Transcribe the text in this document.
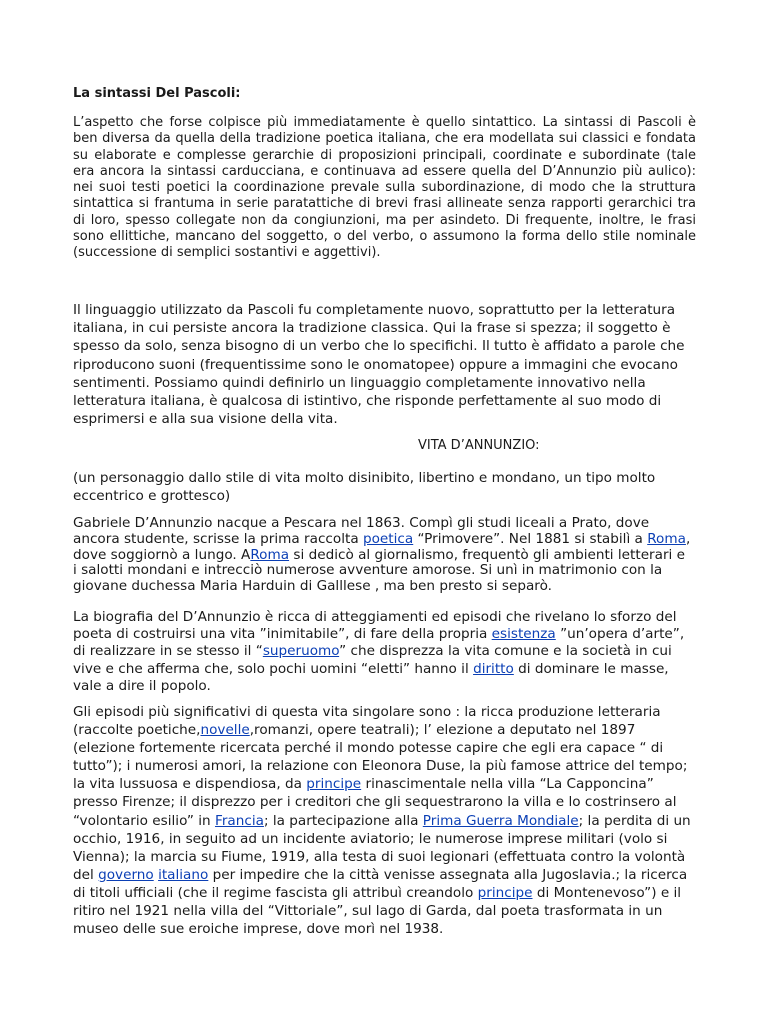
La sintassi Del Pascoli:

L’aspetto che forse colpisce più immediatamente è quello sintattico. La sintassi di Pascoli è ben diversa da quella della tradizione poetica italiana, che era modellata sui classici e fondata su elaborate e complesse gerarchie di proposizioni principali, coordinate e subordinate (tale era ancora la sintassi carducciana, e continuava ad essere quella del D’Annunzio più aulico): nei suoi testi poetici la coordinazione prevale sulla subordinazione, di modo che la struttura sintattica si frantuma in serie paratattiche di brevi frasi allineate senza rapporti gerarchici tra di loro, spesso collegate non da congiunzioni, ma per asindeto. Di frequente, inoltre, le frasi sono ellittiche, mancano del soggetto, o del verbo, o assumono la forma dello stile nominale (successione di semplici sostantivi e aggettivi).

Il linguaggio utilizzato da Pascoli fu completamente nuovo, soprattutto per la letteratura italiana, in cui persiste ancora la tradizione classica. Qui la frase si spezza; il soggetto è spesso da solo, senza bisogno di un verbo che lo specifichi. Il tutto è affidato a parole che riproducono suoni (frequentissime sono le onomatopee) oppure a immagini che evocano sentimenti. Possiamo quindi definirlo un linguaggio completamente innovativo nella letteratura italiana, è qualcosa di istintivo, che risponde perfettamente al suo modo di esprimersi e alla sua visione della vita.

VITA D’ANNUNZIO:

(un personaggio dallo stile di vita molto disinibito, libertino e mondano, un tipo molto eccentrico e grottesco)

Gabriele D’Annunzio nacque a Pescara nel 1863. Compì gli studi liceali a Prato, dove ancora studente, scrisse la prima raccolta poetica “Primovere”. Nel 1881 si stabilì a Roma, dove soggiornò a lungo. ARoma si dedicò al giornalismo, frequentò gli ambienti letterari e i salotti mondani e intrecciò numerose avventure amorose. Si unì in matrimonio con la giovane duchessa Maria Harduin di Galllese , ma ben presto si separò.

La biografia del D’Annunzio è ricca di atteggiamenti ed episodi che rivelano lo sforzo del poeta di costruirsi una vita ”inimitabile”, di fare della propria esistenza ”un’opera d’arte”, di realizzare in se stesso il “superuomo” che disprezza la vita comune e la società in cui vive e che afferma che, solo pochi uomini “eletti” hanno il diritto di dominare le masse, vale a dire il popolo.

Gli episodi più significativi di questa vita singolare sono : la ricca produzione letteraria (raccolte poetiche,novelle,romanzi, opere teatrali); l’ elezione a deputato nel 1897 (elezione fortemente ricercata perché il mondo potesse capire che egli era capace “ di tutto”); i numerosi amori, la relazione con Eleonora Duse, la più famose attrice del tempo; la vita lussuosa e dispendiosa, da principe rinascimentale nella villa “La Capponcina” presso Firenze; il disprezzo per i creditori che gli sequestrarono la villa e lo costrinsero al “volontario esilio” in Francia; la partecipazione alla Prima Guerra Mondiale; la perdita di un occhio, 1916, in seguito ad un incidente aviatorio; le numerose imprese militari (volo si Vienna); la marcia su Fiume, 1919, alla testa di suoi legionari (effettuata contro la volontà del governo italiano per impedire che la città venisse assegnata alla Jugoslavia.; la ricerca di titoli ufficiali (che il regime fascista gli attribuì creandolo principe di Montenevoso”) e il ritiro nel 1921 nella villa del “Vittoriale”, sul lago di Garda, dal poeta trasformata in un museo delle sue eroiche imprese, dove morì nel 1938.
